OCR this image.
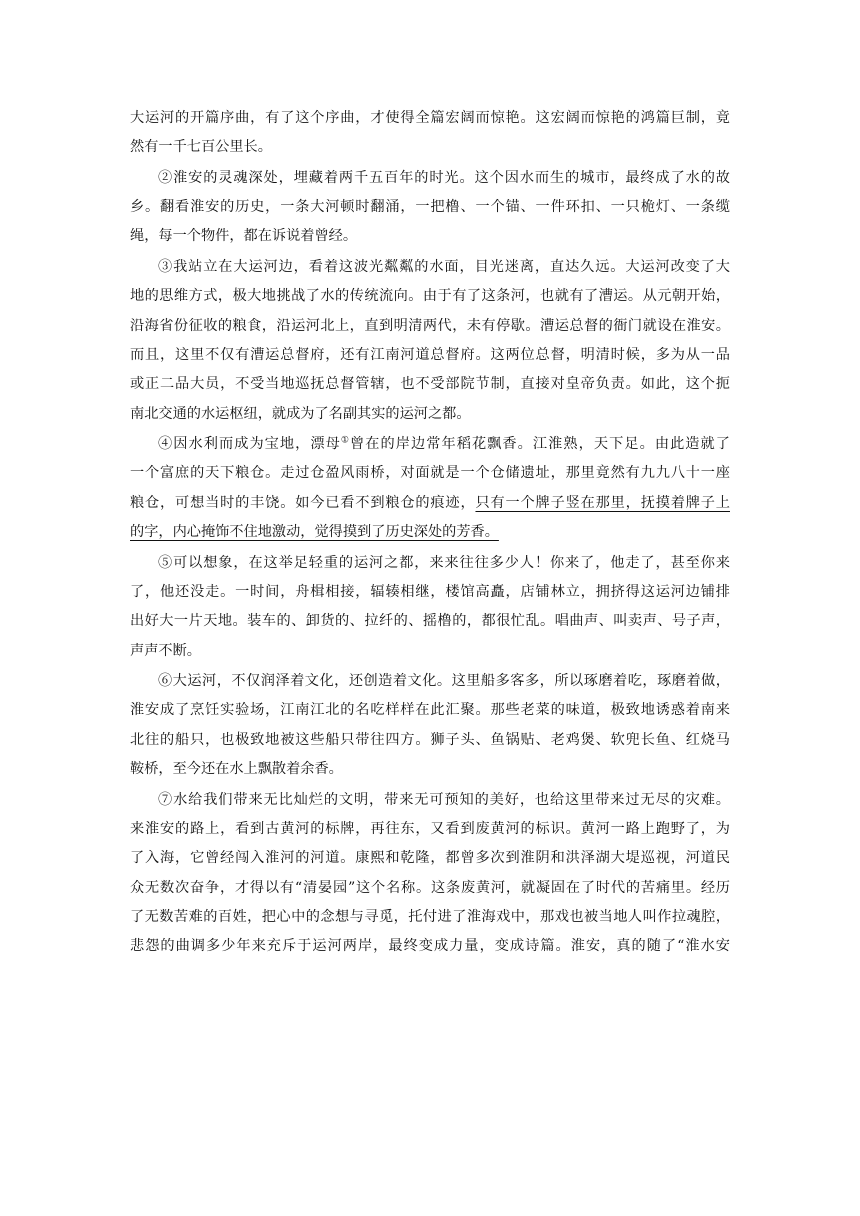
大运河的开篇序曲，有了这个序曲，才使得全篇宏阔而惊艳。这宏阔而惊艳的鸿篇巨制，竟
然有一千七百公里长。
②淮安的灵魂深处，埋藏着两千五百年的时光。这个因水而生的城市，最终成了水的故
乡。翻看淮安的历史，一条大河顿时翻涌，一把橹、一个锚、一件环扣、一只桅灯、一条缆
绳，每一个物件，都在诉说着曾经。
③我站立在大运河边，看着这波光粼粼的水面，目光迷离，直达久远。大运河改变了大
地的思维方式，极大地挑战了水的传统流向。由于有了这条河，也就有了漕运。从元朝开始，
沿海省份征收的粮食，沿运河北上，直到明清两代，未有停歇。漕运总督的衙门就设在淮安。
而且，这里不仅有漕运总督府，还有江南河道总督府。这两位总督，明清时候，多为从一品
或正二品大员，不受当地巡抚总督管辖，也不受部院节制，直接对皇帝负责。如此，这个扼
南北交通的水运枢纽，就成为了名副其实的运河之都。
④因水利而成为宝地，漂母①曾在的岸边常年稻花飘香。江淮熟，天下足。由此造就了
一个富庶的天下粮仓。走过仓盈风雨桥，对面就是一个仓储遗址，那里竟然有九九八十一座
粮仓，可想当时的丰饶。如今已看不到粮仓的痕迹，只有一个牌子竖在那里，抚摸着牌子上
的字，内心掩饰不住地激动，觉得摸到了历史深处的芳香。
⑤可以想象，在这举足轻重的运河之都，来来往往多少人！你来了，他走了，甚至你来
了，他还没走。一时间，舟楫相接，辐辏相继，楼馆高矗，店铺林立，拥挤得这运河边铺排
出好大一片天地。装车的、卸货的、拉纤的、摇橹的，都很忙乱。唱曲声、叫卖声、号子声，
声声不断。
⑥大运河，不仅润泽着文化，还创造着文化。这里船多客多，所以琢磨着吃，琢磨着做，
淮安成了烹饪实验场，江南江北的名吃样样在此汇聚。那些老菜的味道，极致地诱惑着南来
北往的船只，也极致地被这些船只带往四方。狮子头、鱼锅贴、老鸡煲、软兜长鱼、红烧马
鞍桥，至今还在水上飘散着余香。
⑦水给我们带来无比灿烂的文明，带来无可预知的美好，也给这里带来过无尽的灾难。
来淮安的路上，看到古黄河的标牌，再往东，又看到废黄河的标识。黄河一路上跑野了，为
了入海，它曾经闯入淮河的河道。康熙和乾隆，都曾多次到淮阴和洪泽湖大堤巡视，河道民
众无数次奋争，才得以有“清晏园”这个名称。这条废黄河，就凝固在了时代的苦痛里。经历
了无数苦难的百姓，把心中的念想与寻觅，托付进了淮海戏中，那戏也被当地人叫作拉魂腔，
悲怨的曲调多少年来充斥于运河两岸，最终变成力量，变成诗篇。淮安，真的随了“淮水安
